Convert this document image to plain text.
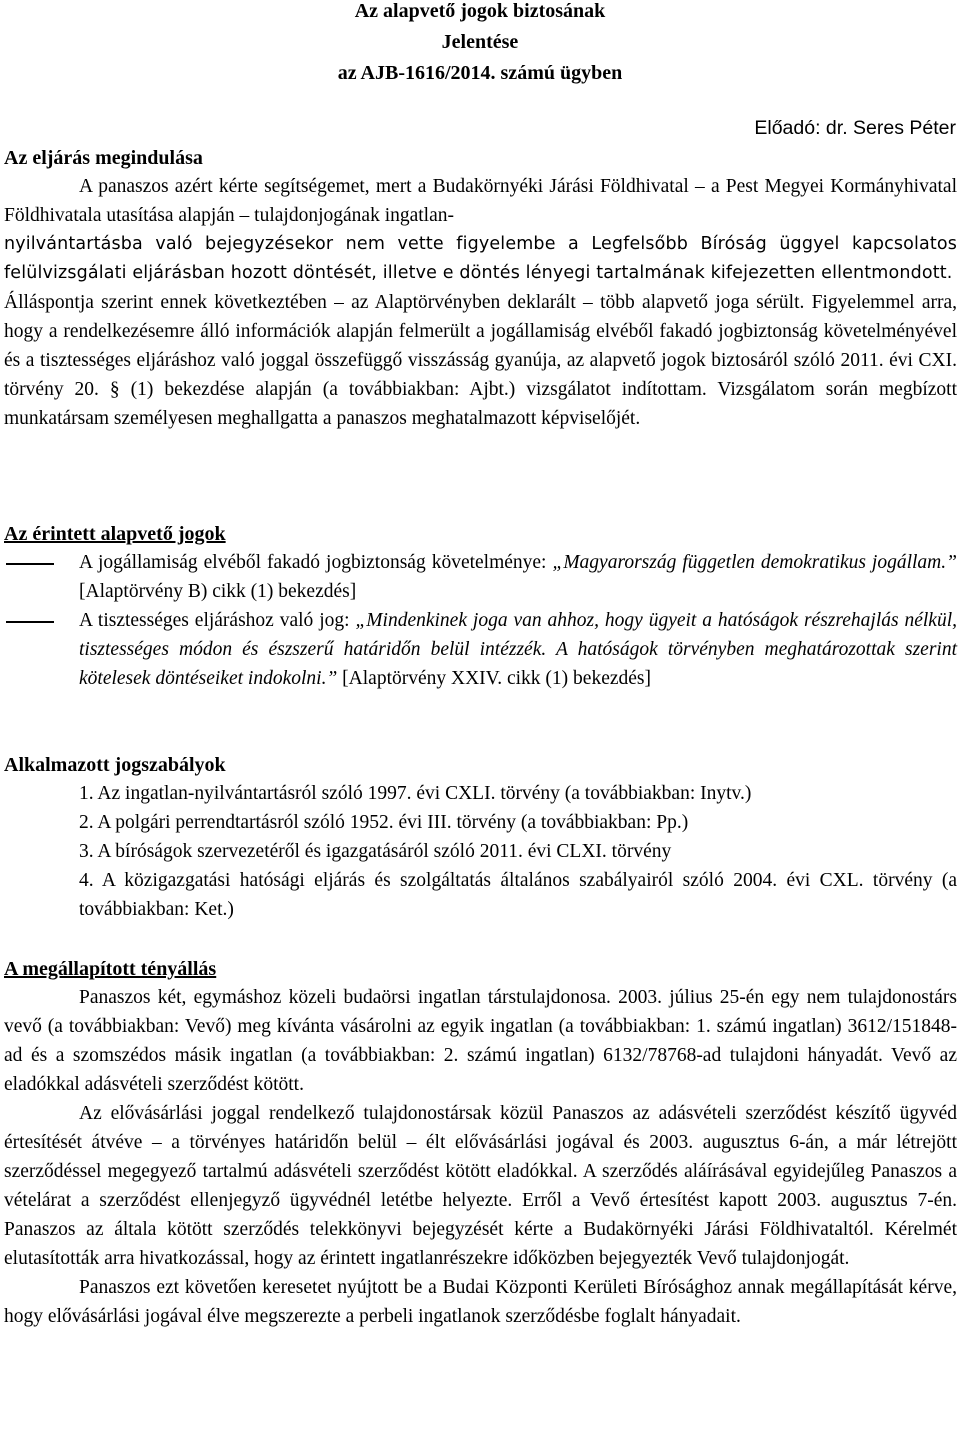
Az alapvető jogok biztosának
Jelentése
az AJB-1616/2014. számú ügyben
Előadó: dr. Seres Péter
Az eljárás megindulása

A panaszos azért kérte segítségemet, mert a Budakörnyéki Járási Földhivatal – a Pest Megyei Kormányhivatal Földhivatala utasítása alapján – tulajdonjogának ingatlan-

nyilvántartásba való bejegyzésekor nem vette figyelembe a Legfelsőbb Bíróság üggyel kapcsolatos felülvizsgálati eljárásban hozott döntését, illetve e döntés lényegi tartalmának kifejezetten ellentmondott.

Álláspontja szerint ennek következtében – az Alaptörvényben deklarált – több alapvető joga sérült. Figyelemmel arra, hogy a rendelkezésemre álló információk alapján felmerült a jogállamiság elvéből fakadó jogbiztonság követelményével és a tisztességes eljáráshoz való joggal összefüggő visszásság gyanúja, az alapvető jogok biztosáról szóló 2011. évi CXI. törvény 20. § (1) bekezdése alapján (a továbbiakban: Ajbt.) vizsgálatot indítottam. Vizsgálatom során megbízott munkatársam személyesen meghallgatta a panaszos meghatalmazott képviselőjét.

Az érintett alapvető jogok
A jogállamiság elvéből fakadó jogbiztonság követelménye: „Magyarország független demokratikus jogállam.” [Alaptörvény B) cikk (1) bekezdés]
A tisztességes eljáráshoz való jog: „Mindenkinek joga van ahhoz, hogy ügyeit a hatóságok részrehajlás nélkül, tisztességes módon és észszerű határidőn belül intézzék. A hatóságok törvényben meghatározottak szerint kötelesek döntéseiket indokolni.” [Alaptörvény XXIV. cikk (1) bekezdés]
Alkalmazott jogszabályok
1. Az ingatlan-nyilvántartásról szóló 1997. évi CXLI. törvény (a továbbiakban: Inytv.)
2. A polgári perrendtartásról szóló 1952. évi III. törvény (a továbbiakban: Pp.)
3. A bíróságok szervezetéről és igazgatásáról szóló 2011. évi CLXI. törvény
4. A közigazgatási hatósági eljárás és szolgáltatás általános szabályairól szóló 2004. évi CXL. törvény (a továbbiakban: Ket.)
A megállapított tényállás

Panaszos két, egymáshoz közeli budaörsi ingatlan társtulajdonosa. 2003. július 25-én egy nem tulajdonostárs vevő (a továbbiakban: Vevő) meg kívánta vásárolni az egyik ingatlan (a továbbiakban: 1. számú ingatlan) 3612/151848-ad és a szomszédos másik ingatlan (a továbbiakban: 2. számú ingatlan) 6132/78768-ad tulajdoni hányadát. Vevő az eladókkal adásvételi szerződést kötött.

Az elővásárlási joggal rendelkező tulajdonostársak közül Panaszos az adásvételi szerződést készítő ügyvéd értesítését átvéve – a törvényes határidőn belül – élt elővásárlási jogával és 2003. augusztus 6-án, a már létrejött szerződéssel megegyező tartalmú adásvételi szerződést kötött eladókkal. A szerződés aláírásával egyidejűleg Panaszos a vételárat a szerződést ellenjegyző ügyvédnél letétbe helyezte. Erről a Vevő értesítést kapott 2003. augusztus 7-én. Panaszos az általa kötött szerződés telekkönyvi bejegyzését kérte a Budakörnyéki Járási Földhivataltól. Kérelmét elutasították arra hivatkozással, hogy az érintett ingatlanrészekre időközben bejegyezték Vevő tulajdonjogát.

Panaszos ezt követően keresetet nyújtott be a Budai Központi Kerületi Bírósághoz annak megállapítását kérve, hogy elővásárlási jogával élve megszerezte a perbeli ingatlanok szerződésbe foglalt hányadait.
